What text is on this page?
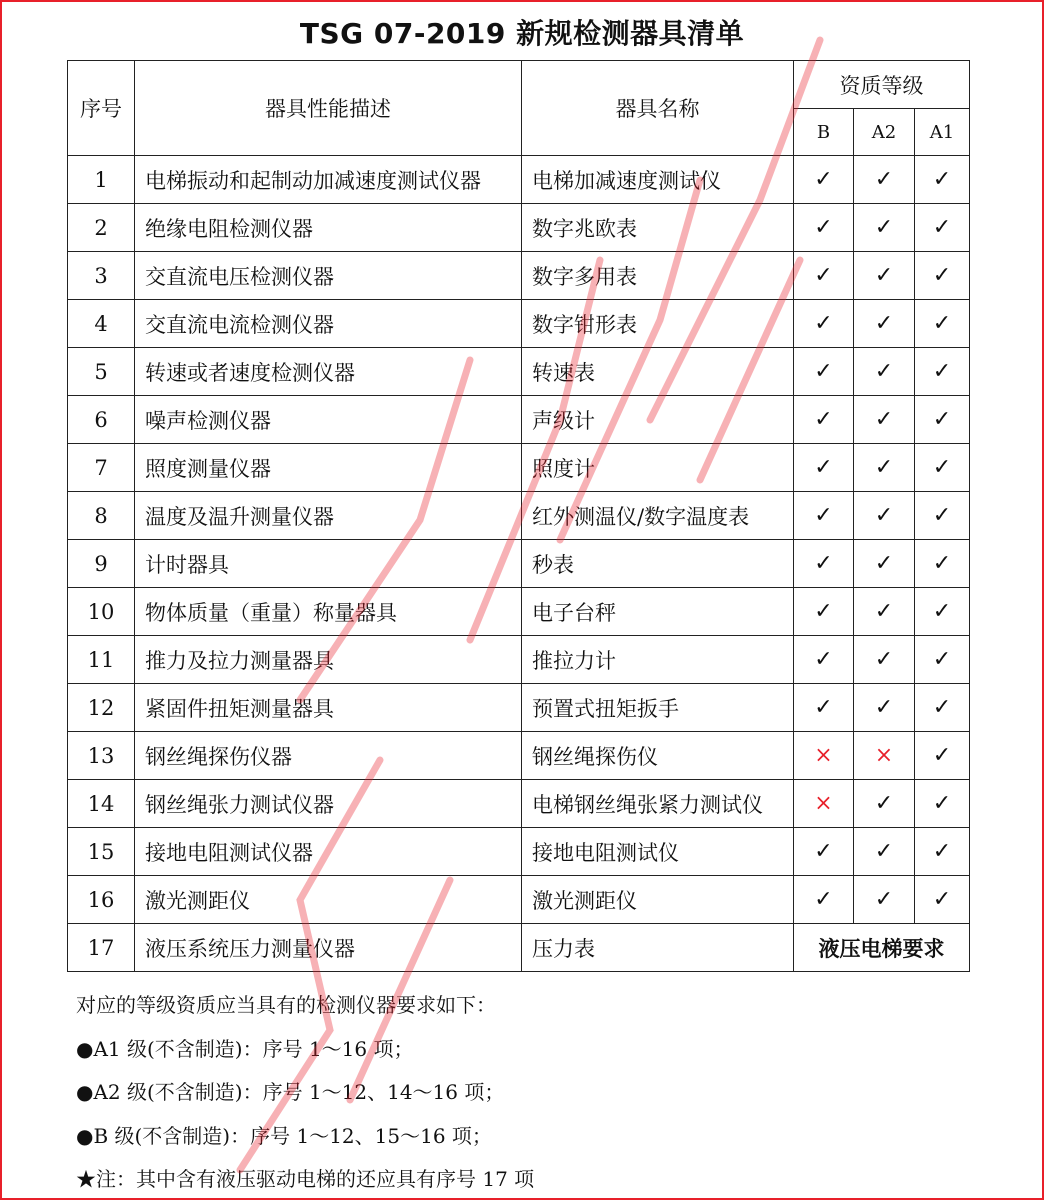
TSG 07-2019 新规检测器具清单
序号	器具性能描述	器具名称	资质等级		
			B	A2	A1
1	电梯振动和起制动加减速度测试仪器	电梯加减速度测试仪	✓	✓	✓
2	绝缘电阻检测仪器	数字兆欧表	✓	✓	✓
3	交直流电压检测仪器	数字多用表	✓	✓	✓
4	交直流电流检测仪器	数字钳形表	✓	✓	✓
5	转速或者速度检测仪器	转速表	✓	✓	✓
6	噪声检测仪器	声级计	✓	✓	✓
7	照度测量仪器	照度计	✓	✓	✓
8	温度及温升测量仪器	红外测温仪/数字温度表	✓	✓	✓
9	计时器具	秒表	✓	✓	✓
10	物体质量（重量）称量器具	电子台秤	✓	✓	✓
11	推力及拉力测量器具	推拉力计	✓	✓	✓
12	紧固件扭矩测量器具	预置式扭矩扳手	✓	✓	✓
13	钢丝绳探伤仪器	钢丝绳探伤仪	×	×	✓
14	钢丝绳张力测试仪器	电梯钢丝绳张紧力测试仪	×	✓	✓
15	接地电阻测试仪器	接地电阻测试仪	✓	✓	✓
16	激光测距仪	激光测距仪	✓	✓	✓
17	液压系统压力测量仪器	压力表	液压电梯要求		
对应的等级资质应当具有的检测仪器要求如下：
●A1 级(不含制造)：序号 1～16 项；
●A2 级(不含制造)：序号 1～12、14～16 项；
●B 级(不含制造)：序号 1～12、15～16 项；
★注：其中含有液压驱动电梯的还应具有序号 17 项
